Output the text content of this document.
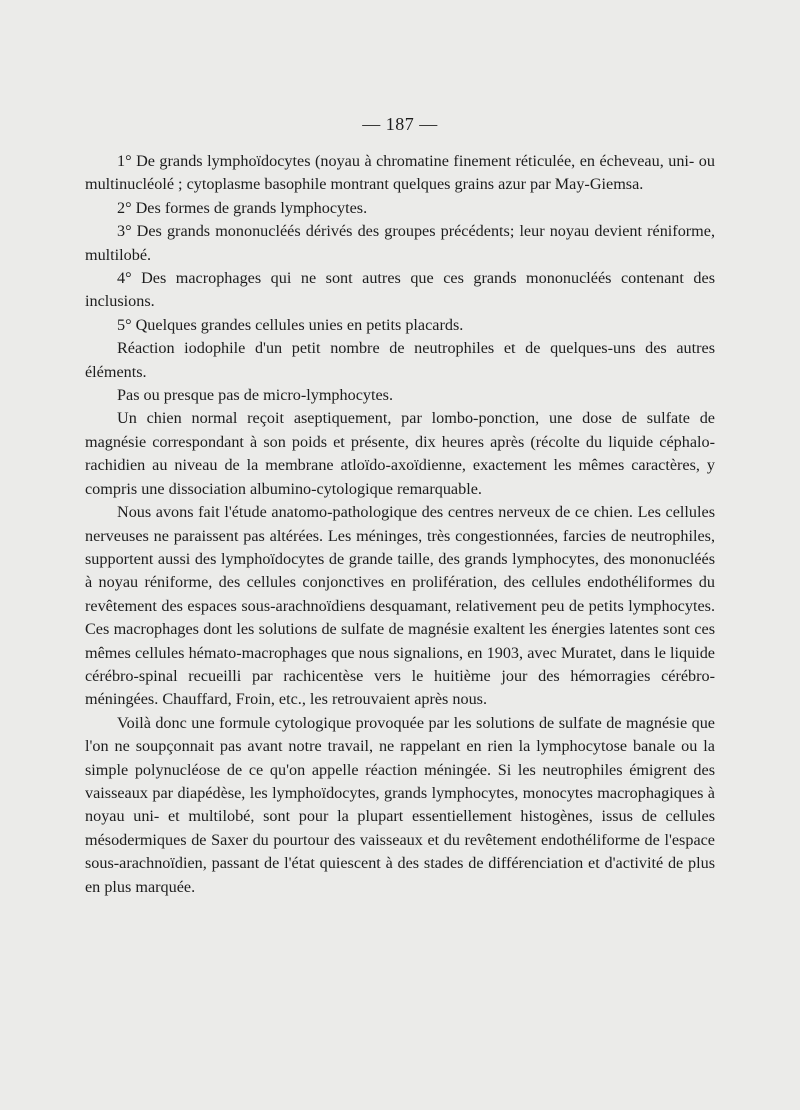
— 187 —

1° De grands lymphoïdocytes (noyau à chromatine finement réticulée, en écheveau, uni- ou multinucléolé ; cytoplasme basophile montrant quelques grains azur par May-Giemsa.

2° Des formes de grands lymphocytes.

3° Des grands mononucléés dérivés des groupes précédents; leur noyau devient réniforme, multilobé.

4° Des macrophages qui ne sont autres que ces grands mononucléés contenant des inclusions.

5° Quelques grandes cellules unies en petits placards.

Réaction iodophile d'un petit nombre de neutrophiles et de quelques-uns des autres éléments.

Pas ou presque pas de micro-lymphocytes.

Un chien normal reçoit aseptiquement, par lombo-ponction, une dose de sulfate de magnésie correspondant à son poids et présente, dix heures après (récolte du liquide céphalo-rachidien au niveau de la membrane atloïdo-axoïdienne, exactement les mêmes caractères, y compris une dissociation albumino-cytologique remarquable.

Nous avons fait l'étude anatomo-pathologique des centres nerveux de ce chien. Les cellules nerveuses ne paraissent pas altérées. Les méninges, très congestionnées, farcies de neutrophiles, supportent aussi des lymphoïdocytes de grande taille, des grands lymphocytes, des mononucléés à noyau réniforme, des cellules conjonctives en prolifération, des cellules endothéliformes du revêtement des espaces sous-arachnoïdiens desquamant, relativement peu de petits lymphocytes. Ces macrophages dont les solutions de sulfate de magnésie exaltent les énergies latentes sont ces mêmes cellules hémato-macrophages que nous signalions, en 1903, avec Muratet, dans le liquide cérébro-spinal recueilli par rachicentèse vers le huitième jour des hémorragies cérébro-méningées. Chauffard, Froin, etc., les retrouvaient après nous.

Voilà donc une formule cytologique provoquée par les solutions de sulfate de magnésie que l'on ne soupçonnait pas avant notre travail, ne rappelant en rien la lymphocytose banale ou la simple polynucléose de ce qu'on appelle réaction méningée. Si les neutrophiles émigrent des vaisseaux par diapédèse, les lymphoïdocytes, grands lymphocytes, monocytes macrophagiques à noyau uni- et multilobé, sont pour la plupart essentiellement histogènes, issus de cellules mésodermiques de Saxer du pourtour des vaisseaux et du revêtement endothéliforme de l'espace sous-arachnoïdien, passant de l'état quiescent à des stades de différenciation et d'activité de plus en plus marquée.
